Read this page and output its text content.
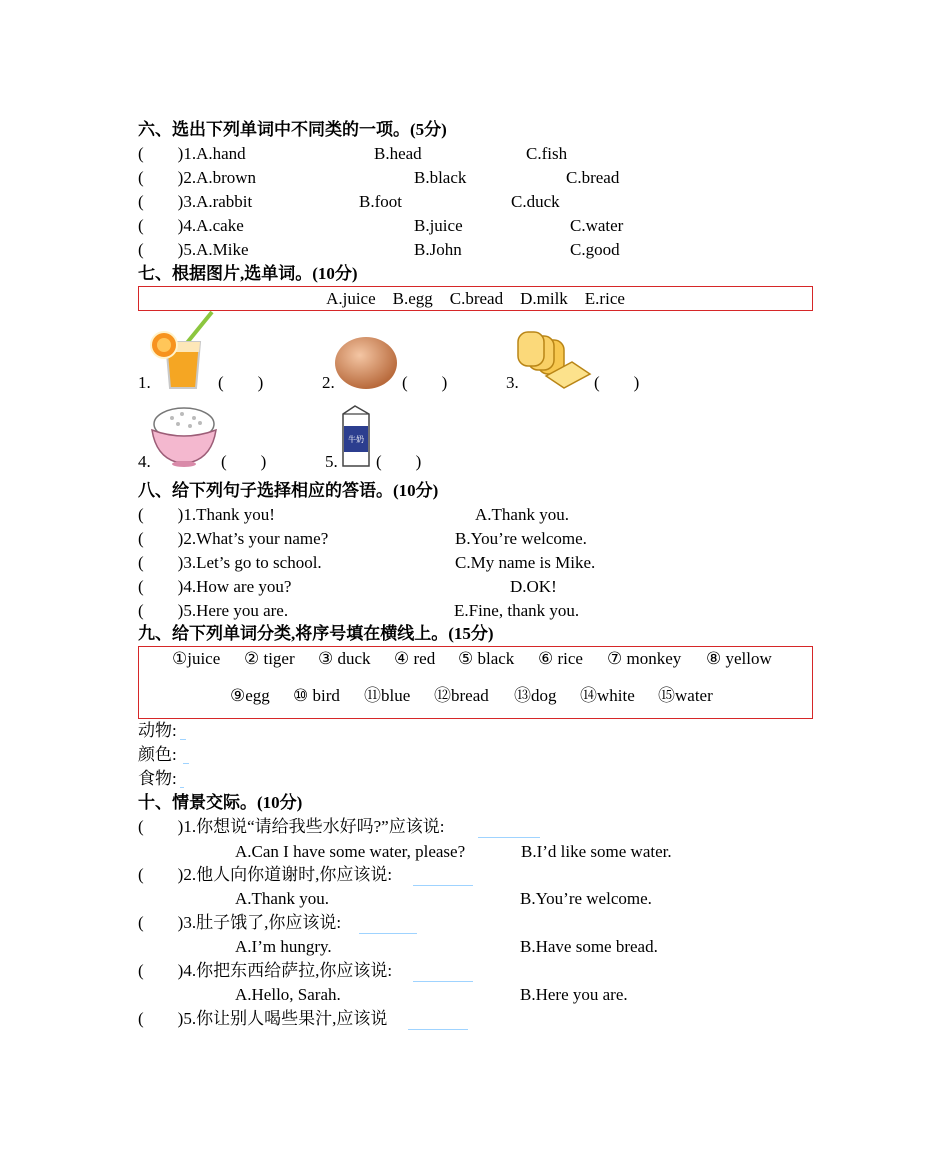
六、选出下列单词中不同类的一项。(5分)
(　　)1.A.hand	B.head	C.fish
(　　)2.A.brown	B.black	C.bread
(　　)3.A.rabbit	B.foot	C.duck
(　　)4.A.cake	B.juice	C.water
(　　)5.A.Mike	B.John	C.good
七、根据图片,选单词。(10分)
A.juice　B.egg　C.bread　D.milk　E.rice
1.	(　　)	2.	(　　)	3.	(　　)
4.	(　　)
牛奶
5. (　　)
八、给下列句子选择相应的答语。(10分)
(　　)1.Thank you!	A.Thank you.
(　　)2.What’s your name?	B.You’re welcome.
(　　)3.Let’s go to school.	C.My name is Mike.
(　　)4.How are you?	D.OK!
(　　)5.Here you are.	E.Fine, thank you.
九、给下列单词分类,将序号填在横线上。(15分)
①juice ② tiger ③ duck ④ red ⑤ black ⑥ rice ⑦ monkey ⑧ yellow
⑨egg ⑩ bird ⑪blue ⑫bread ⑬dog ⑭white ⑮water
动物:
颜色:
食物:
十、情景交际。(10分)
(　　)1.你想说“请给我些水好吗?”应该说:
A.Can I have some water, please?	B.I’d like some water.
(　　)2.他人向你道谢时,你应该说:
A.Thank you.	B.You’re welcome.
(　　)3.肚子饿了,你应该说:
A.I’m hungry.	B.Have some bread.
(　　)4.你把东西给萨拉,你应该说:
A.Hello, Sarah.	B.Here you are.
(　　)5.你让别人喝些果汁,应该说
